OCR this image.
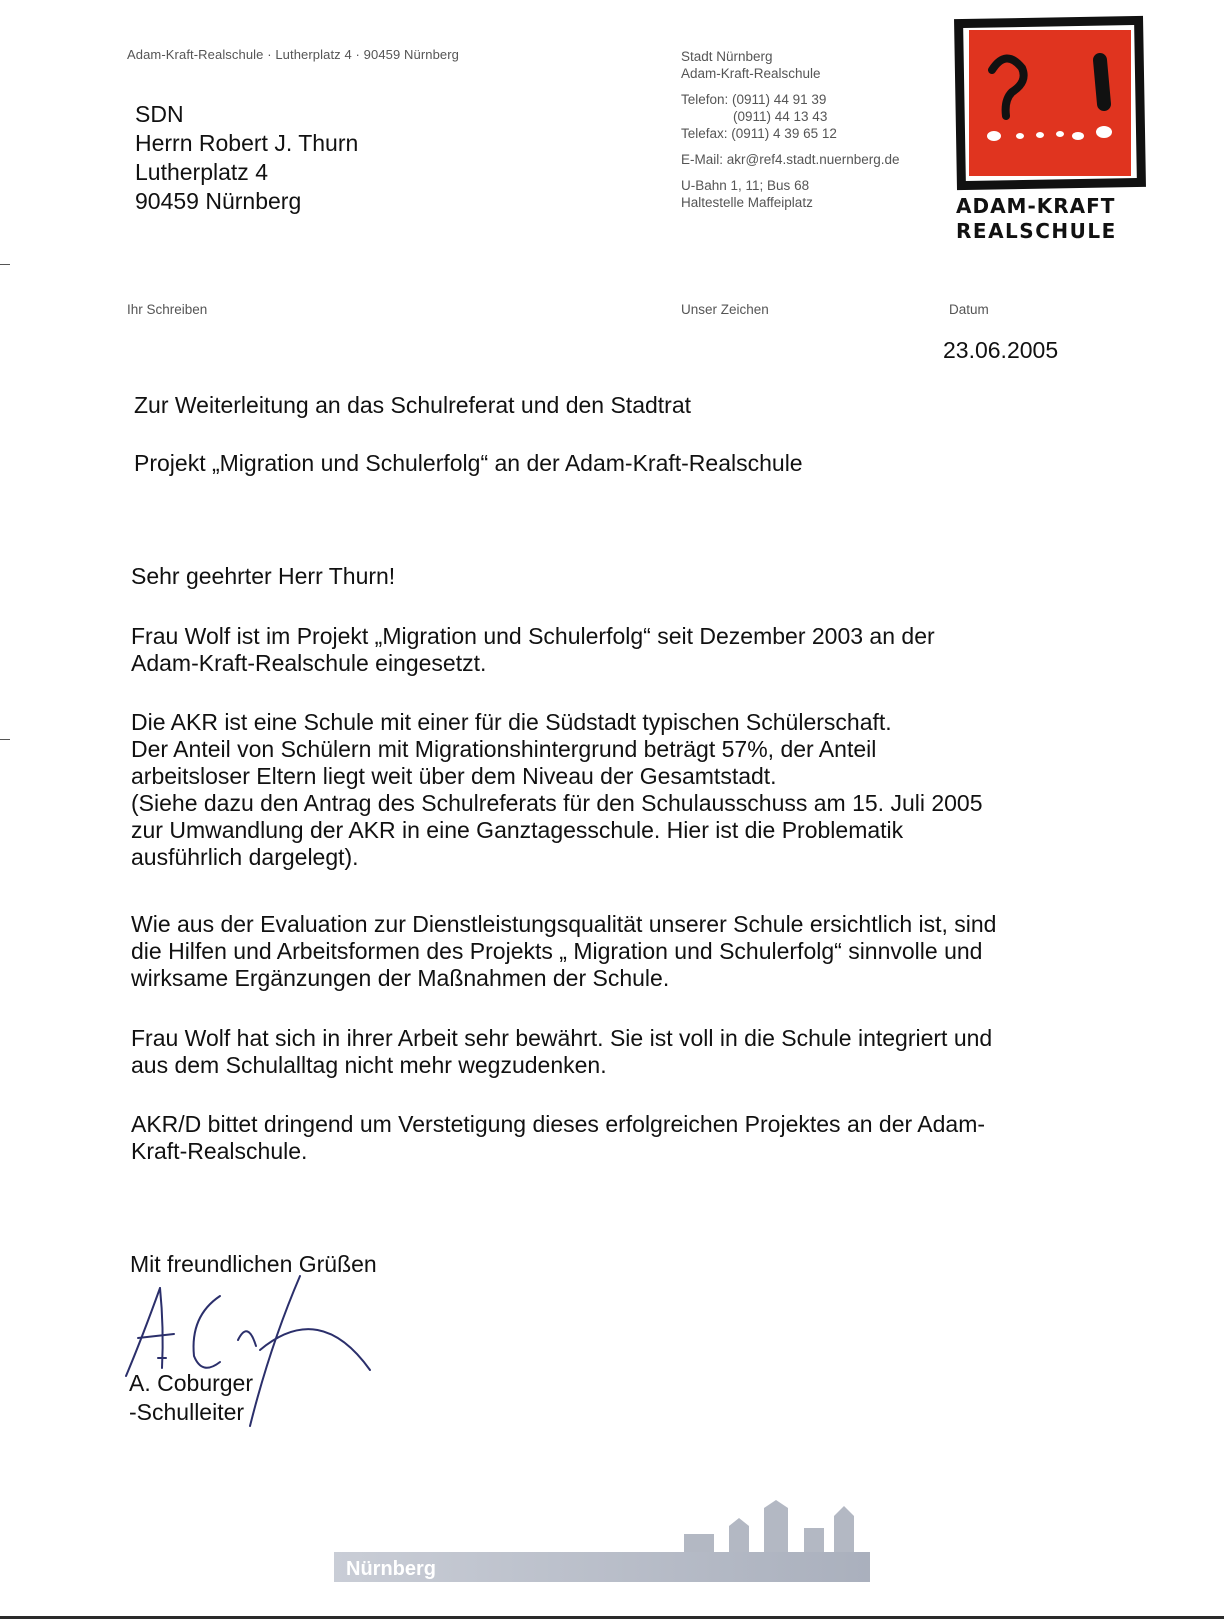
Adam-Kraft-Realschule · Lutherplatz 4 · 90459 Nürnberg
SDN
Herrn Robert J. Thurn
Lutherplatz 4
90459 Nürnberg
Stadt Nürnberg
Adam-Kraft-Realschule
Telefon: (0911) 44 91 39
(0911) 44 13 43
Telefax: (0911) 4 39 65 12
E-Mail: akr@ref4.stadt.nuernberg.de
U-Bahn 1, 11; Bus 68
Haltestelle Maffeiplatz	ADAM-KRAFT
REALSCHULE
Ihr Schreiben	Unser Zeichen	Datum
23.06.2005
Zur Weiterleitung an das Schulreferat und den Stadtrat
Projekt „Migration und Schulerfolg“ an der Adam-Kraft-Realschule
Sehr geehrter Herr Thurn!

Frau Wolf ist im Projekt „Migration und Schulerfolg“ seit Dezember 2003 an der

Adam-Kraft-Realschule eingesetzt.

Die AKR ist eine Schule mit einer für die Südstadt typischen Schülerschaft.

Der Anteil von Schülern mit Migrationshintergrund beträgt 57%, der Anteil

arbeitsloser Eltern liegt weit über dem Niveau der Gesamtstadt.

(Siehe dazu den Antrag des Schulreferats für den Schulausschuss am 15. Juli 2005

zur Umwandlung der AKR in eine Ganztagesschule. Hier ist die Problematik

ausführlich dargelegt).

Wie aus der Evaluation zur Dienstleistungsqualität unserer Schule ersichtlich ist, sind

die Hilfen und Arbeitsformen des Projekts „ Migration und Schulerfolg“ sinnvolle und

wirksame Ergänzungen der Maßnahmen der Schule.

Frau Wolf hat sich in ihrer Arbeit sehr bewährt. Sie ist voll in die Schule integriert und

aus dem Schulalltag nicht mehr wegzudenken.

AKR/D bittet dringend um Verstetigung dieses erfolgreichen Projektes an der Adam-

Kraft-Realschule.

Mit freundlichen Grüßen
A. Coburger
-Schulleiter
Nürnberg
